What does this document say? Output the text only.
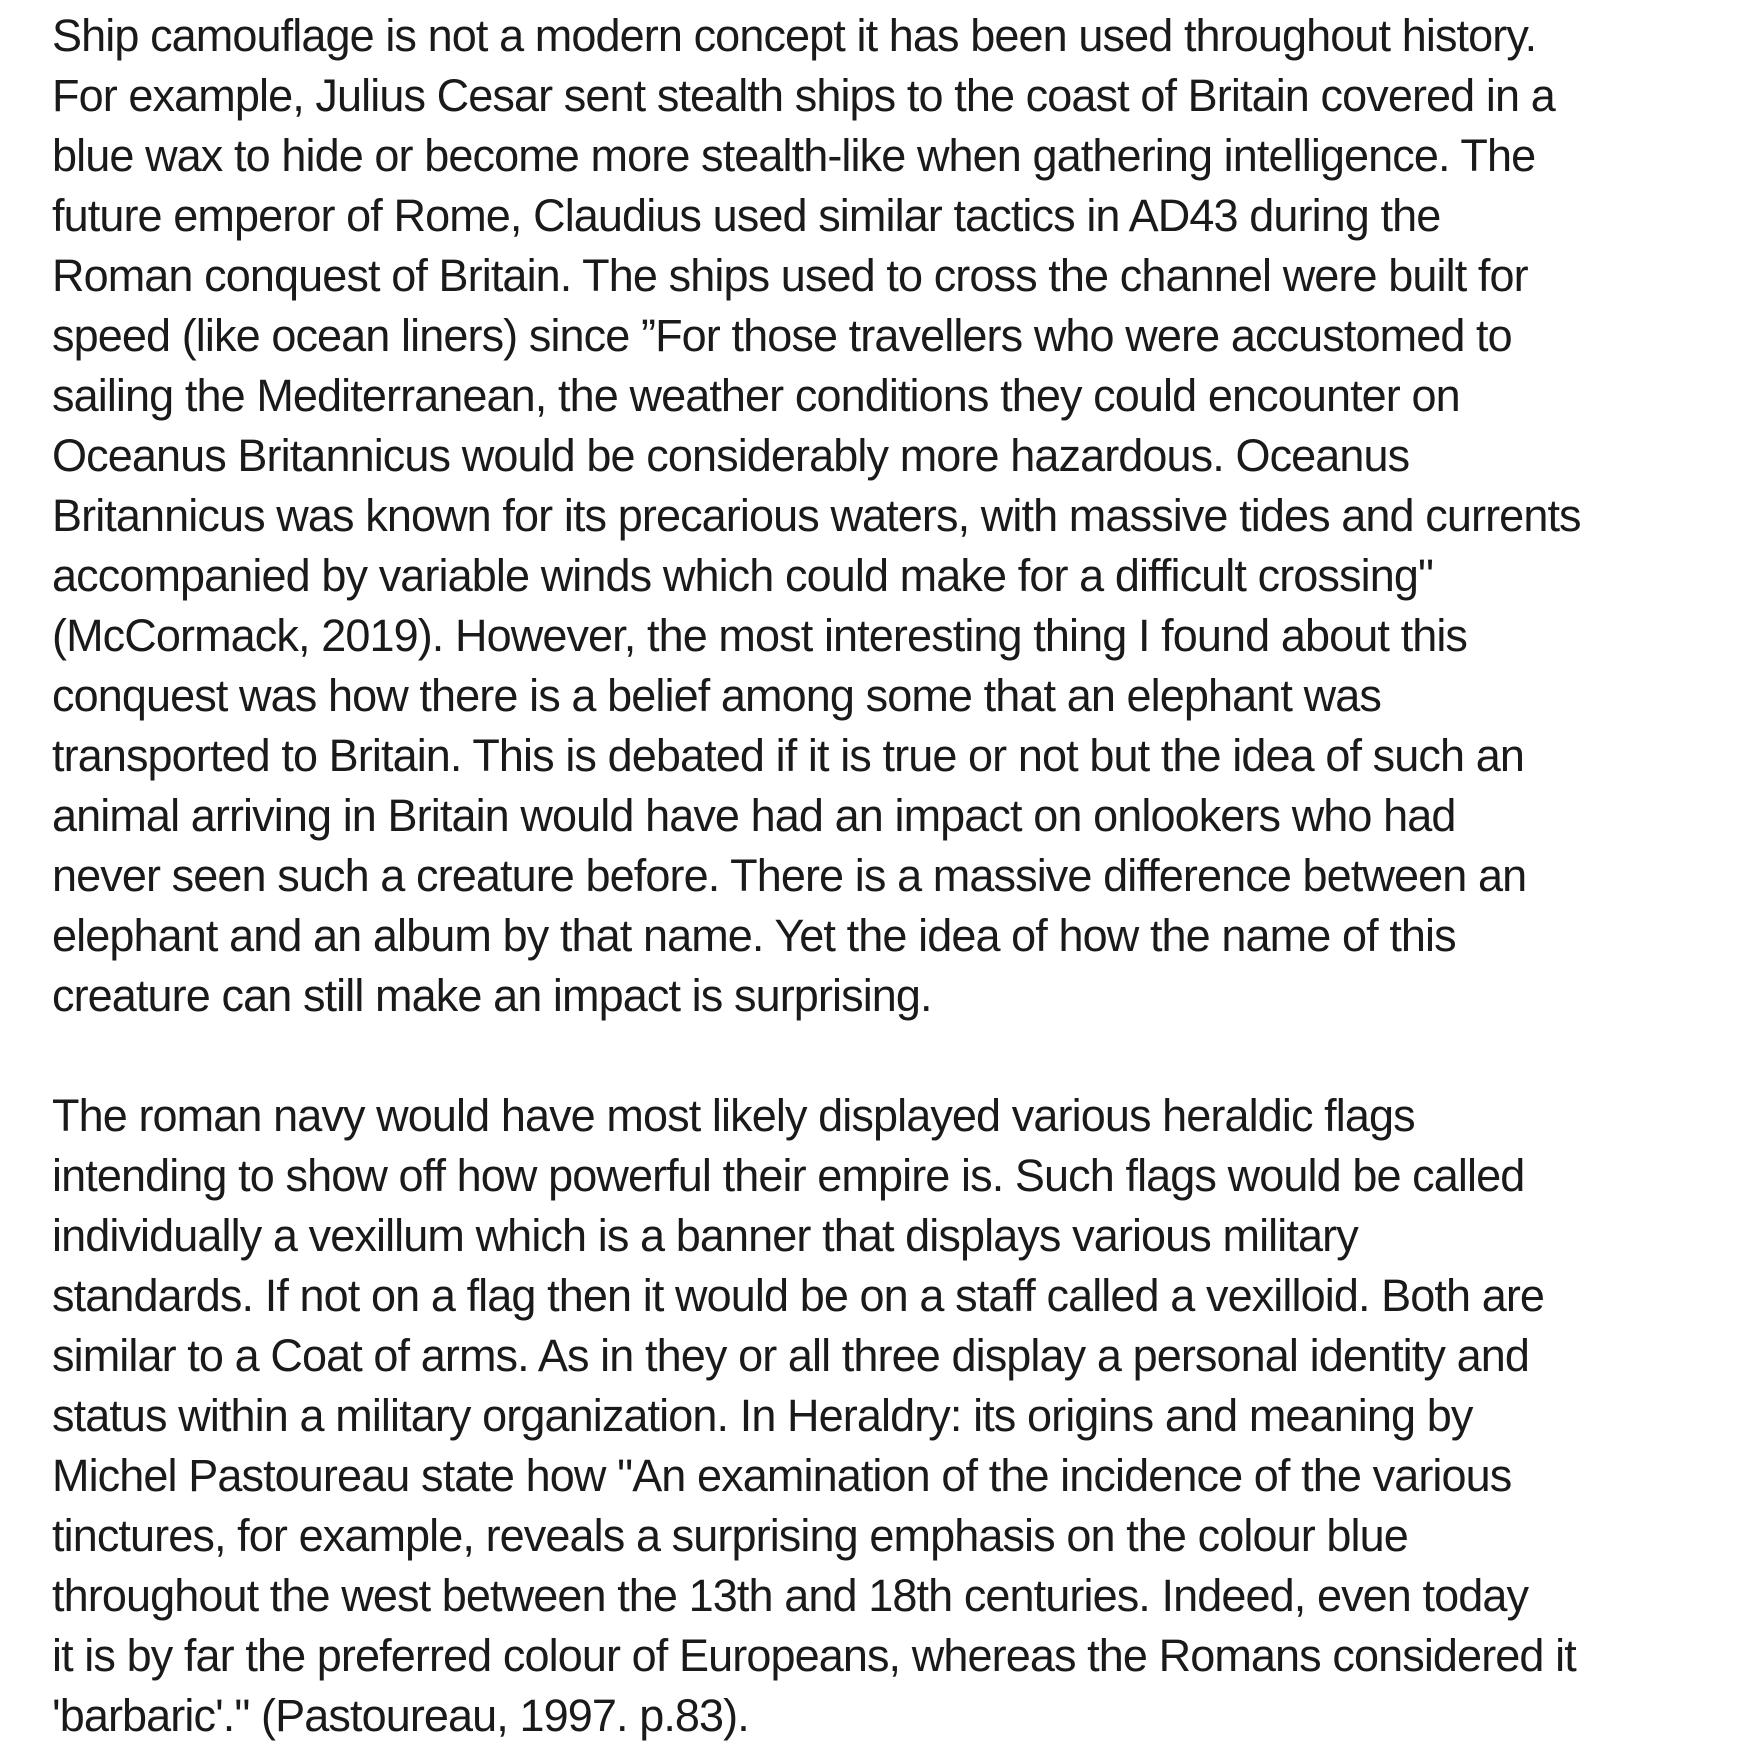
Ship camouflage is not a modern concept it has been used throughout history.
For example, Julius Cesar sent stealth ships to the coast of Britain covered in a
blue wax to hide or become more stealth-like when gathering intelligence. The
future emperor of Rome, Claudius used similar tactics in AD43 during the
Roman conquest of Britain. The ships used to cross the channel were built for
speed (like ocean liners) since ”For those travellers who were accustomed to
sailing the Mediterranean, the weather conditions they could encounter on
Oceanus Britannicus would be considerably more hazardous. Oceanus
Britannicus was known for its precarious waters, with massive tides and currents
accompanied by variable winds which could make for a difficult crossing"
(McCormack, 2019). However, the most interesting thing I found about this
conquest was how there is a belief among some that an elephant was
transported to Britain. This is debated if it is true or not but the idea of such an
animal arriving in Britain would have had an impact on onlookers who had
never seen such a creature before. There is a massive difference between an
elephant and an album by that name. Yet the idea of how the name of this
creature can still make an impact is surprising.
The roman navy would have most likely displayed various heraldic flags
intending to show off how powerful their empire is. Such flags would be called
individually a vexillum which is a banner that displays various military
standards. If not on a flag then it would be on a staff called a vexilloid. Both are
similar to a Coat of arms. As in they or all three display a personal identity and
status within a military organization. In Heraldry: its origins and meaning by
Michel Pastoureau state how "An examination of the incidence of the various
tinctures, for example, reveals a surprising emphasis on the colour blue
throughout the west between the 13th and 18th centuries. Indeed, even today
it is by far the preferred colour of Europeans, whereas the Romans considered it
'barbaric'." (Pastoureau, 1997. p.83).
